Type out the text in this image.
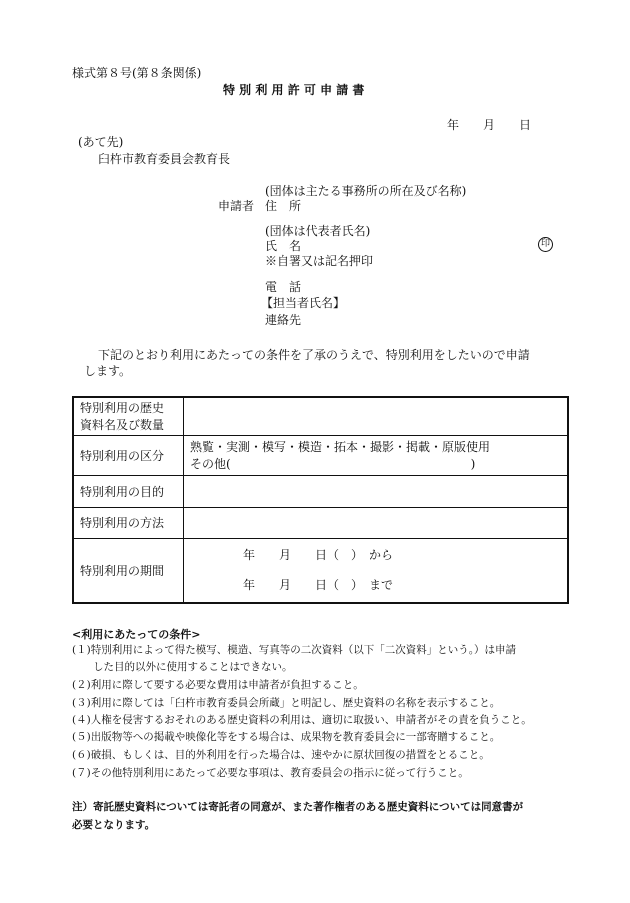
様式第８号(第８条関係)
特 別 利 用 許 可 申 請 書
年　　月　　日
(あて先)
臼杵市教育委員会教育長
(団体は主たる事務所の所在及び名称)
申請者 住　所
(団体は代表者氏名)
氏　名	印
※自署又は記名押印
電　話
【担当者氏名】
連絡先
下記のとおり利用にあたっての条件を了承のうえで、特別利用をしたいので申請
します。
特別利用の歴史
資料名及び数量	

特別利用の区分	熟覧・実測・模写・模造・拓本・撮影・掲載・原版使用
その他(　　　　　　　　　　　　　　　　　　　　)

特別利用の目的	
特別利用の方法	
特別利用の期間	年　　月　　日（　）　から
年　　月　　日（　）　まで
<利用にあたっての条件>
(１)特別利用によって得た模写、模造、写真等の二次資料（以下「二次資料」という。）は申請
した目的以外に使用することはできない。
(２)利用に際して要する必要な費用は申請者が負担すること。
(３)利用に際しては「臼杵市教育委員会所蔵」と明記し、歴史資料の名称を表示すること。
(４)人権を侵害するおそれのある歴史資料の利用は、適切に取扱い、申請者がその責を負うこと。
(５)出版物等への掲載や映像化等をする場合は、成果物を教育委員会に一部寄贈すること。
(６)破損、もしくは、目的外利用を行った場合は、速やかに原状回復の措置をとること。
(７)その他特別利用にあたって必要な事項は、教育委員会の指示に従って行うこと。
注）寄託歴史資料については寄託者の同意が、また著作権者のある歴史資料については同意書が
必要となります。
